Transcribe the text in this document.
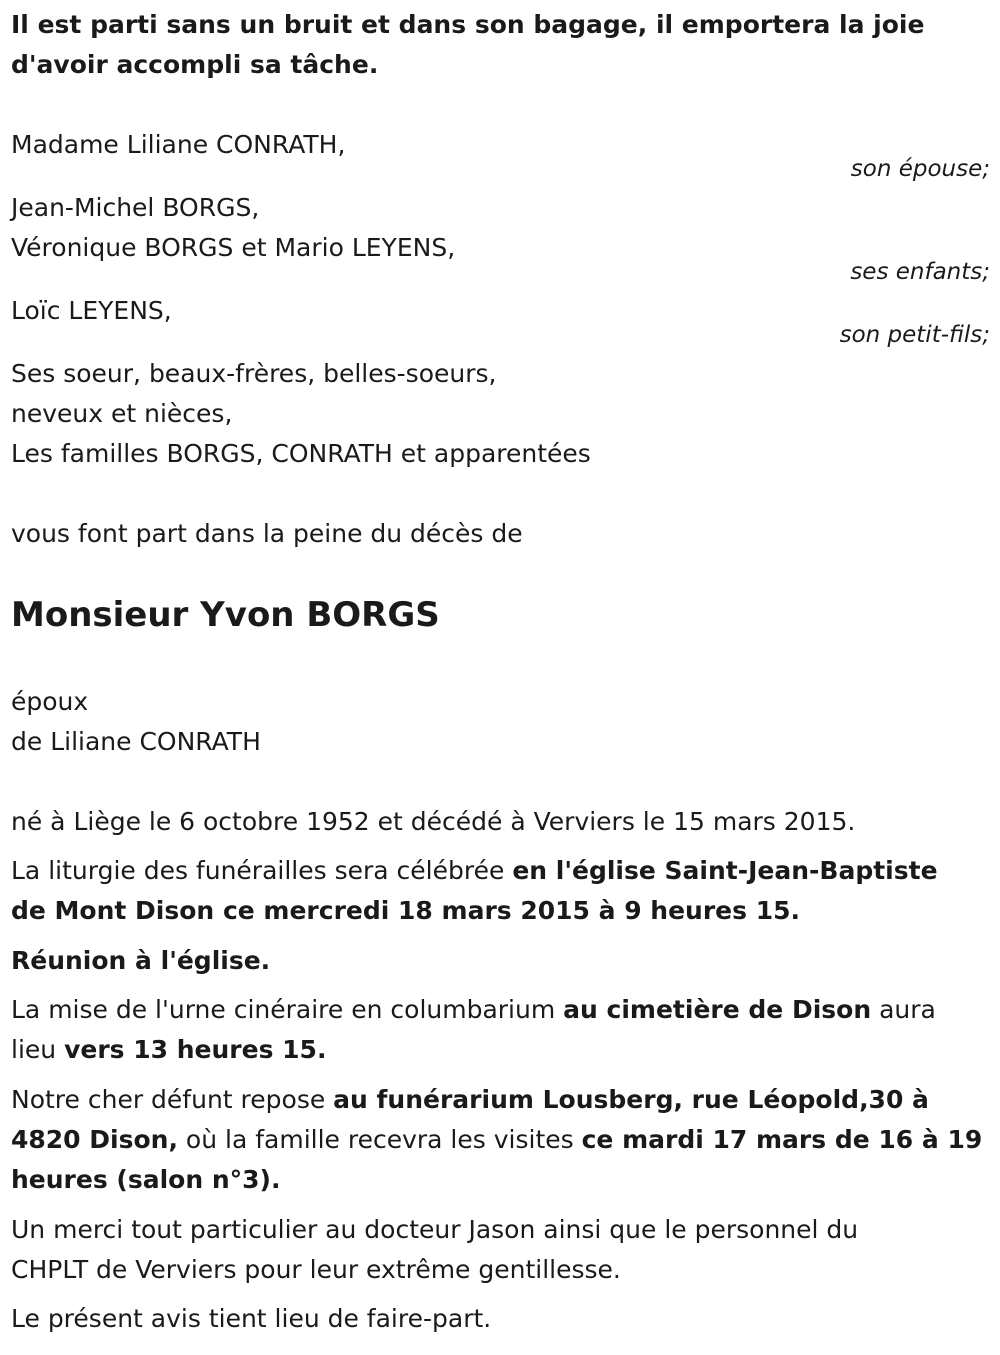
Il est parti sans un bruit et dans son bagage, il emportera la joie

d'avoir accompli sa tâche.

Madame Liliane CONRATH,

son épouse;

Jean-Michel BORGS,

Véronique BORGS et Mario LEYENS,

ses enfants;

Loïc LEYENS,

son petit-fils;

Ses soeur, beaux-frères, belles-soeurs,

neveux et nièces,

Les familles BORGS, CONRATH et apparentées

vous font part dans la peine du décès de

Monsieur Yvon BORGS

époux

de Liliane CONRATH

né à Liège le 6 octobre 1952 et décédé à Verviers le 15 mars 2015.

La liturgie des funérailles sera célébrée en l'église Saint-Jean-Baptiste

de Mont Dison ce mercredi 18 mars 2015 à 9 heures 15.

Réunion à l'église.

La mise de l'urne cinéraire en columbarium au cimetière de Dison aura

lieu vers 13 heures 15.

Notre cher défunt repose au funérarium Lousberg, rue Léopold,30 à

4820 Dison, où la famille recevra les visites ce mardi 17 mars de 16 à 19

heures (salon n°3).

Un merci tout particulier au docteur Jason ainsi que le personnel du

CHPLT de Verviers pour leur extrême gentillesse.

Le présent avis tient lieu de faire-part.
